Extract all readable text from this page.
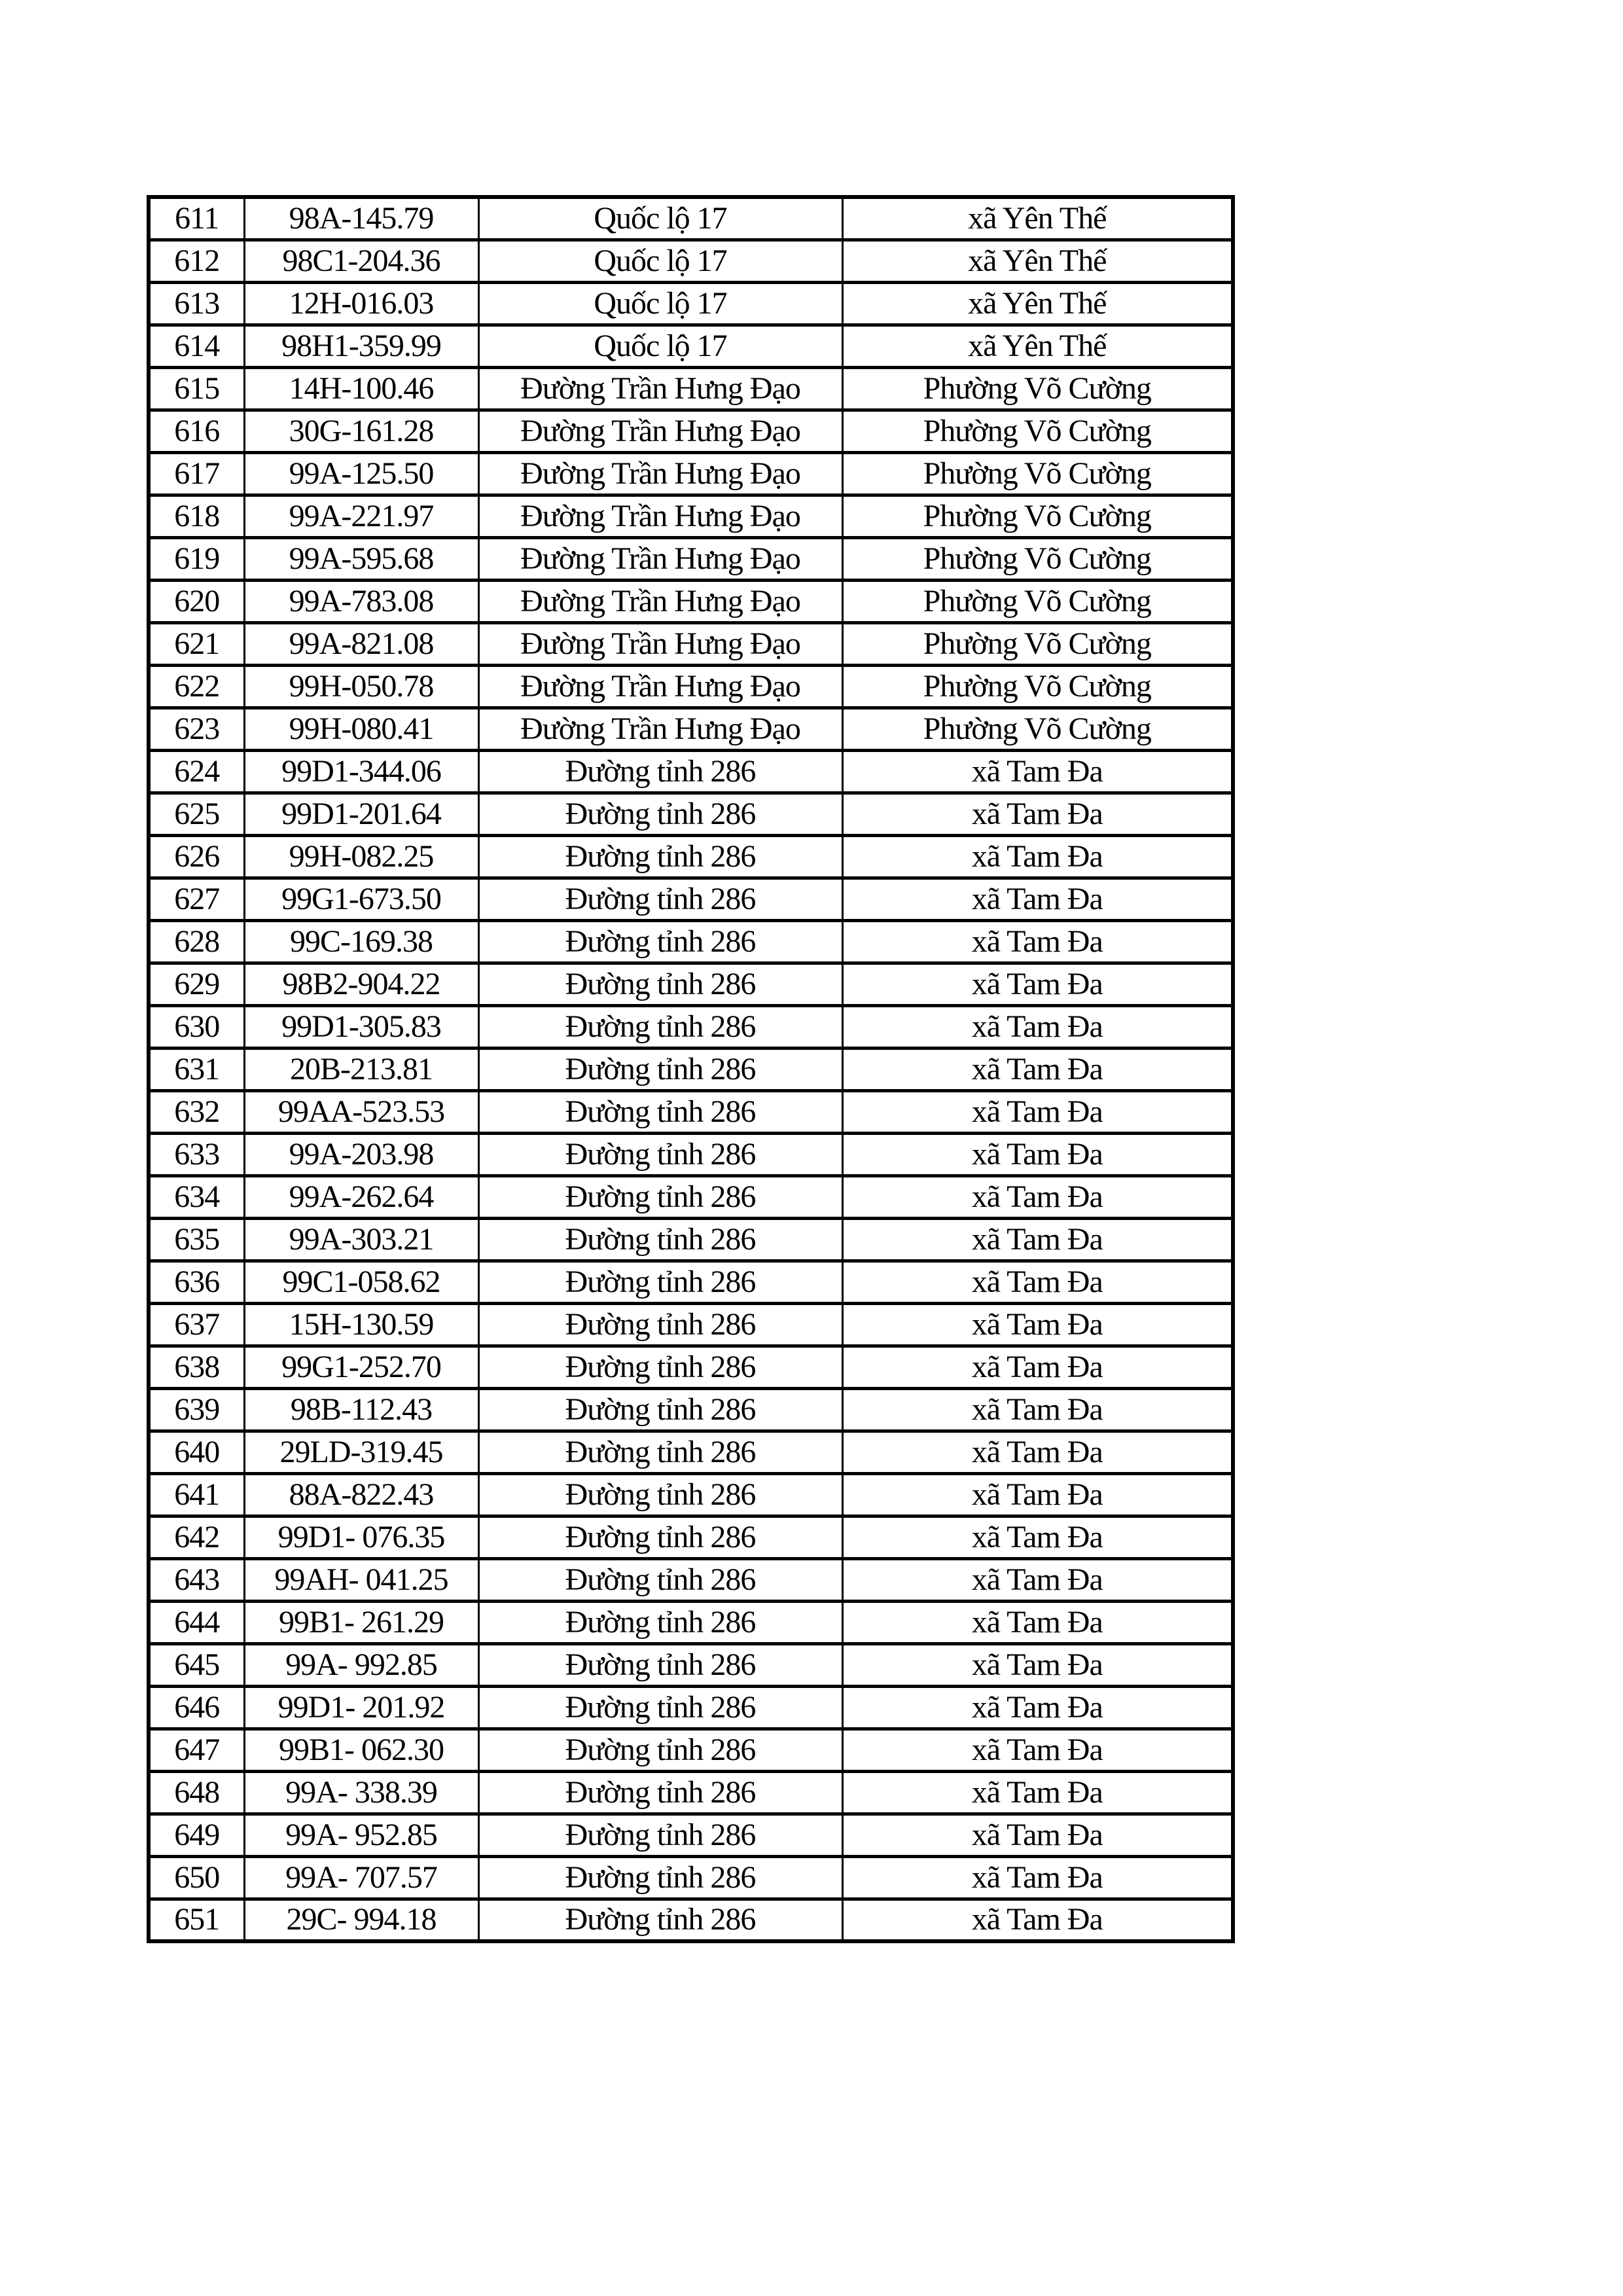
611	98A-145.79	Quốc lộ 17	xã Yên Thế
612	98C1-204.36	Quốc lộ 17	xã Yên Thế
613	12H-016.03	Quốc lộ 17	xã Yên Thế
614	98H1-359.99	Quốc lộ 17	xã Yên Thế
615	14H-100.46	Đường Trần Hưng Đạo	Phường Võ Cường
616	30G-161.28	Đường Trần Hưng Đạo	Phường Võ Cường
617	99A-125.50	Đường Trần Hưng Đạo	Phường Võ Cường
618	99A-221.97	Đường Trần Hưng Đạo	Phường Võ Cường
619	99A-595.68	Đường Trần Hưng Đạo	Phường Võ Cường
620	99A-783.08	Đường Trần Hưng Đạo	Phường Võ Cường
621	99A-821.08	Đường Trần Hưng Đạo	Phường Võ Cường
622	99H-050.78	Đường Trần Hưng Đạo	Phường Võ Cường
623	99H-080.41	Đường Trần Hưng Đạo	Phường Võ Cường
624	99D1-344.06	Đường tỉnh 286	xã Tam Đa
625	99D1-201.64	Đường tỉnh 286	xã Tam Đa
626	99H-082.25	Đường tỉnh 286	xã Tam Đa
627	99G1-673.50	Đường tỉnh 286	xã Tam Đa
628	99C-169.38	Đường tỉnh 286	xã Tam Đa
629	98B2-904.22	Đường tỉnh 286	xã Tam Đa
630	99D1-305.83	Đường tỉnh 286	xã Tam Đa
631	20B-213.81	Đường tỉnh 286	xã Tam Đa
632	99AA-523.53	Đường tỉnh 286	xã Tam Đa
633	99A-203.98	Đường tỉnh 286	xã Tam Đa
634	99A-262.64	Đường tỉnh 286	xã Tam Đa
635	99A-303.21	Đường tỉnh 286	xã Tam Đa
636	99C1-058.62	Đường tỉnh 286	xã Tam Đa
637	15H-130.59	Đường tỉnh 286	xã Tam Đa
638	99G1-252.70	Đường tỉnh 286	xã Tam Đa
639	98B-112.43	Đường tỉnh 286	xã Tam Đa
640	29LD-319.45	Đường tỉnh 286	xã Tam Đa
641	88A-822.43	Đường tỉnh 286	xã Tam Đa
642	99D1- 076.35	Đường tỉnh 286	xã Tam Đa
643	99AH- 041.25	Đường tỉnh 286	xã Tam Đa
644	99B1- 261.29	Đường tỉnh 286	xã Tam Đa
645	99A- 992.85	Đường tỉnh 286	xã Tam Đa
646	99D1- 201.92	Đường tỉnh 286	xã Tam Đa
647	99B1- 062.30	Đường tỉnh 286	xã Tam Đa
648	99A- 338.39	Đường tỉnh 286	xã Tam Đa
649	99A- 952.85	Đường tỉnh 286	xã Tam Đa
650	99A- 707.57	Đường tỉnh 286	xã Tam Đa
651	29C- 994.18	Đường tỉnh 286	xã Tam Đa
